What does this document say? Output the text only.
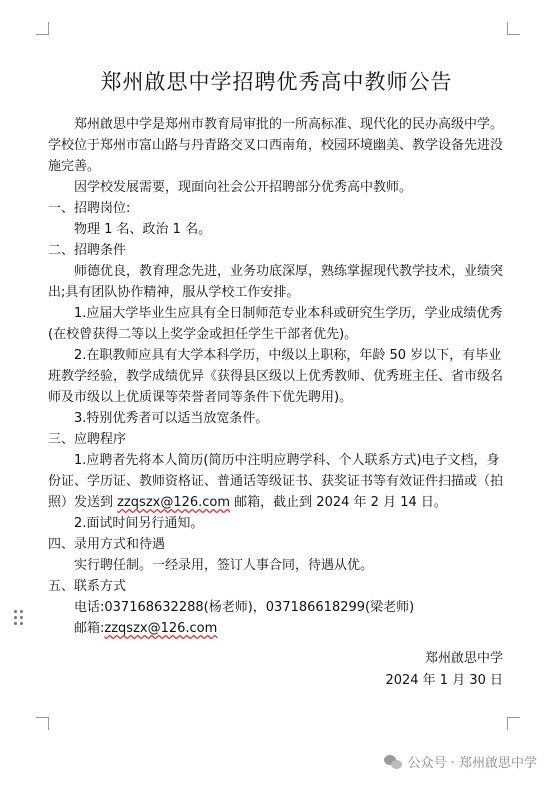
郑州啟思中学招聘优秀高中教师公告

郑州啟思中学是郑州市教育局审批的一所高标准、现代化的民办高级中学。学校位于郑州市富山路与丹青路交叉口西南角，校园环境幽美、教学设备先进没施完善。

因学校发展需要，现面向社会公开招聘部分优秀高中教师。

一、招聘岗位:

物理 1 名、政治 1 名。

二、招聘条件

师德优良，教育理念先进，业务功底深厚，熟练掌握现代教学技术，业绩突出;具有团队协作精神，服从学校工作安排。

1.应届大学毕业生应具有全日制师范专业本科或研究生学历，学业成绩优秀(在校曾获得二等以上奖学金或担任学生干部者优先)。

2.在职教师应具有大学本科学历，中级以上职称，年龄 50 岁以下，有毕业班教学经验，教学成绩优异《获得县区级以上优秀教师、优秀班主任、省市级名师及市级以上优质课等荣誉者同等条件下优先聘用)。

3.特别优秀者可以适当放宽条件。

三、应聘程序

1.应聘者先将本人简历(简历中注明应聘学科、个人联系方式)电子文档，身份证、学历证、教师资格证、普通话等级证书、获奖证书等有效证件扫描或（拍照）发送到 zzqszx@126.com 邮箱，截止到 2024 年 2 月 14 日。

2.面试时间另行通知。

四、录用方式和待遇

实行聘任制。一经录用，签订人事合同，待遇从优。

五、联系方式

电话:037168632288(杨老师)，037186618299(梁老师)

邮箱:zzqszx@126.com

郑州啟思中学
2024 年 1 月 30 日
公众号 · 郑州啟思中学
